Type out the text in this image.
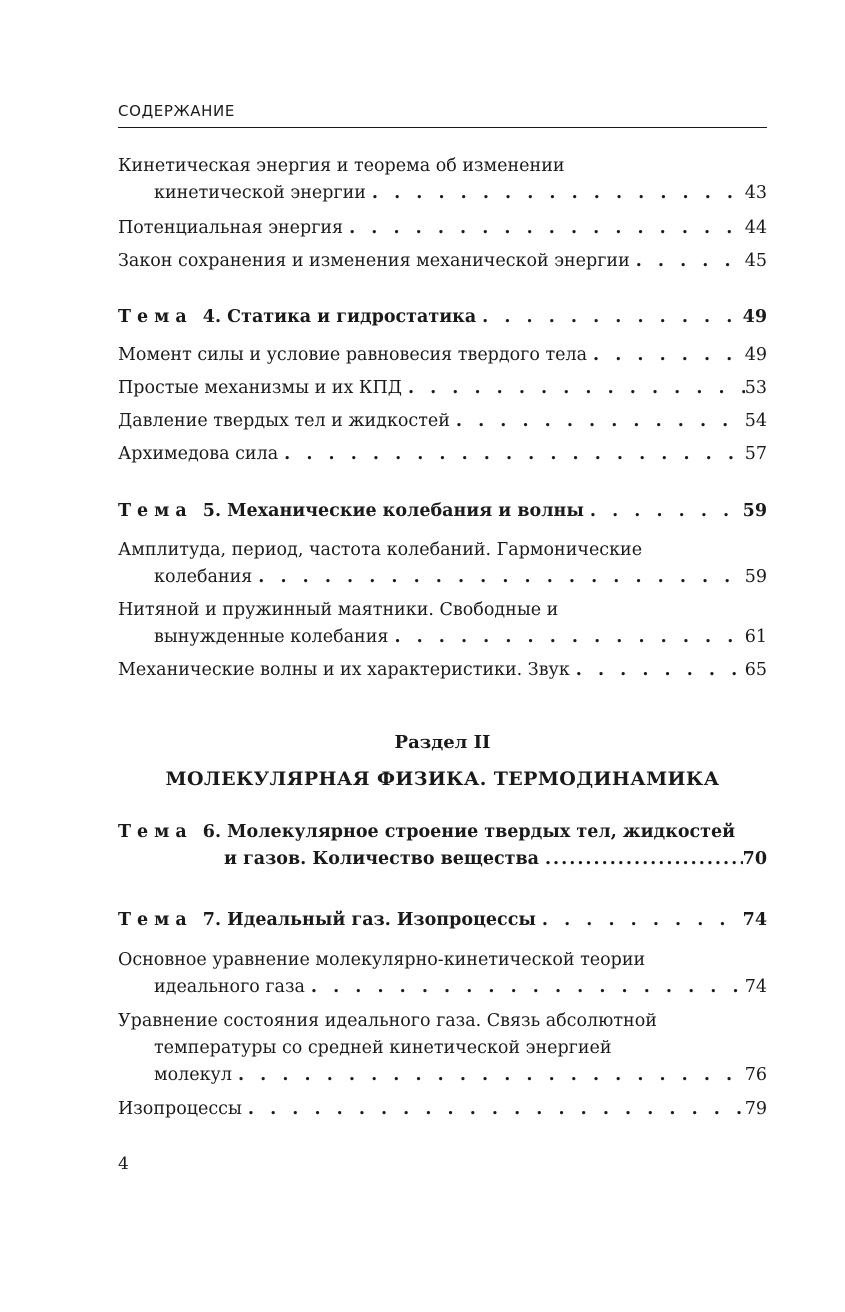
СОДЕРЖАНИЕ
Кинетическая энергия и теорема об изменении
кинетической энергии . . .	43
Потенциальная энергия . . .	44
Закон сохранения и изменения механической энергии . . .	45
Тема 4. Статика и гидростатика . . .	49
Момент силы и условие равновесия твердого тела . . .	49
Простые механизмы и их КПД . . .	53
Давление твердых тел и жидкостей . . .	54
Архимедова сила . . .	57
Тема 5. Механические колебания и волны . . .	59
Амплитуда, период, частота колебаний. Гармонические
колебания . . .	59
Нитяной и пружинный маятники. Свободные и
вынужденные колебания . . .	61
Механические волны и их характеристики. Звук . . .	65
Раздел II
МОЛЕКУЛЯРНАЯ ФИЗИКА. ТЕРМОДИНАМИКА
Тема 6. Молекулярное строение твердых тел, жидкостей
и газов. Количество вещества .....	70
Тема 7. Идеальный газ. Изопроцессы . . .	74
Основное уравнение молекулярно-кинетической теории
идеального газа . . .	74
Уравнение состояния идеального газа. Связь абсолютной
температуры со средней кинетической энергией
молекул . . .	76
Изопроцессы . . .	79
4
